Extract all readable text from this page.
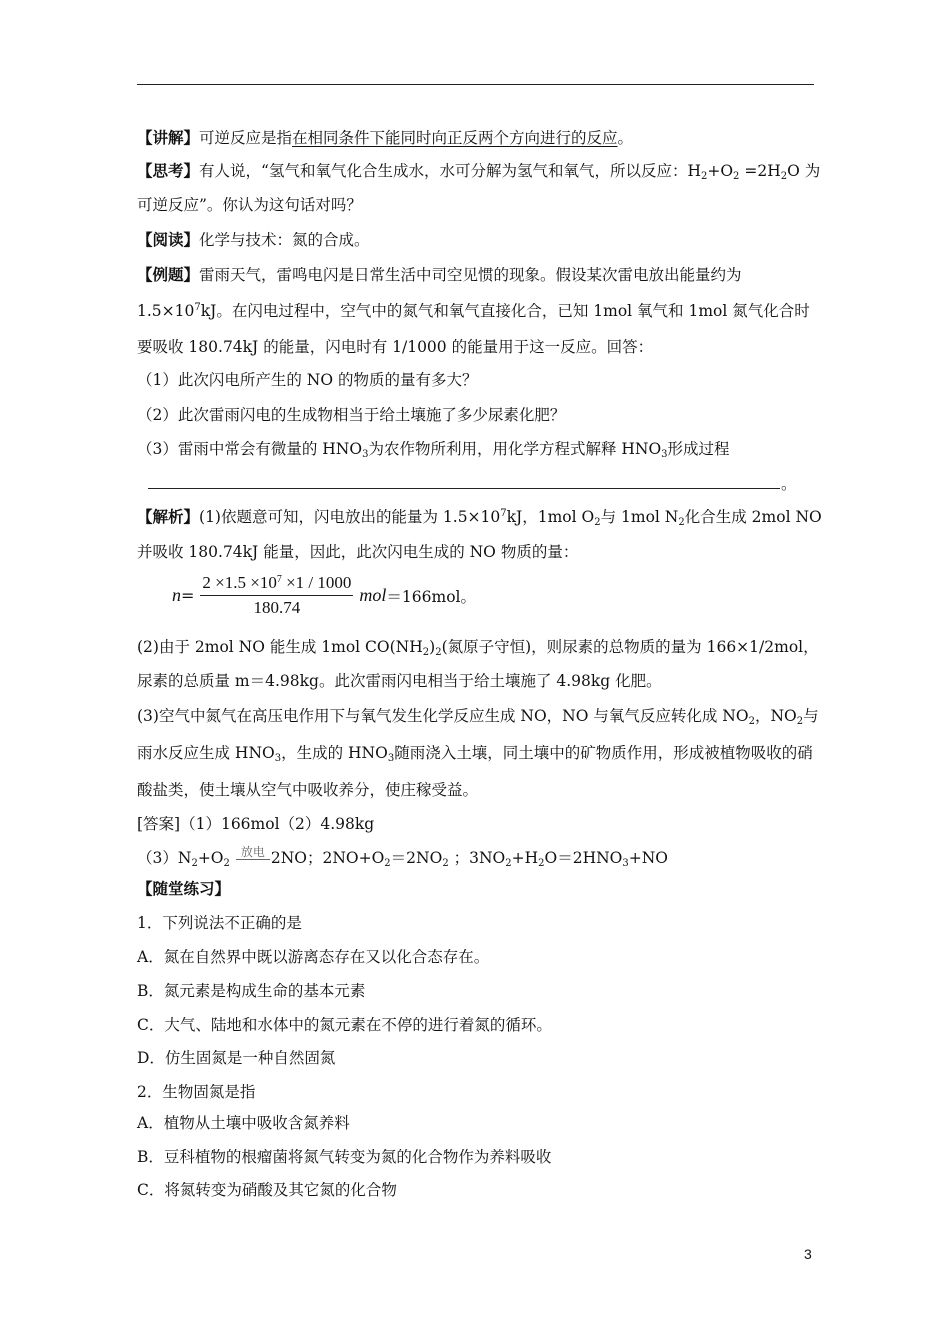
【讲解】可逆反应是指在相同条件下能同时向正反两个方向进行的反应。
【思考】有人说，“氢气和氧气化合生成水，水可分解为氢气和氧气，所以反应：$H_2+O_2 =2H_2O$ 为
可逆反应”。你认为这句话对吗？
【阅读】化学与技术：氮的合成。
【例题】雷雨天气，雷鸣电闪是日常生活中司空见惯的现象。假设某次雷电放出能量约为
$1.5\times 10^7kJ$。在闪电过程中，空气中的氮气和氧气直接化合，已知 1mol 氧气和 1mol 氮气化合时
要吸收 180.74kJ 的能量，闪电时有 1/1000 的能量用于这一反应。回答：
（1）此次闪电所产生的 NO 的物质的量有多大？
（2）此次雷雨闪电的生成物相当于给土壤施了多少尿素化肥？
（3）雷雨中常会有微量的 $HNO_3$为农作物所利用，用化学方程式解释 $HNO_3$形成过程
。
【解析】(1)依题意可知，闪电放出的能量为 $1.5\times 10^7kJ$，1mol $O_2$与 1mol $N_2$化合生成 2mol NO
并吸收 180.74kJ 能量，因此，此次闪电生成的 NO 物质的量：
$n = \frac{2 \times 1.5 \times 10^7 \times 1 / 1000}{180.74}$ mol ＝166mol。
(2)由于 2mol NO 能生成 1mol $CO(NH_2)_2$(氮原子守恒)，则尿素的总物质的量为 166×1/2mol，
尿素的总质量 m＝4.98kg。此次雷雨闪电相当于给土壤施了 4.98kg 化肥。
(3)空气中氮气在高压电作用下与氧气发生化学反应生成 NO，NO 与氧气反应转化成 $NO_2$，$NO_2$与
雨水反应生成 $HNO_3$，生成的 $HNO_3$随雨浇入土壤，同土壤中的矿物质作用，形成被植物吸收的硝
酸盐类，使土壤从空气中吸收养分，使庄稼受益。
[答案]（1）166mol（2）4.98kg
$(3)N_2+O_2$
放电 2NO；$2NO+O_2=2NO_2$ ；$3NO_2+H_2O=2HNO_3+NO$
【随堂练习】
1．下列说法不正确的是
A．氮在自然界中既以游离态存在又以化合态存在。
B．氮元素是构成生命的基本元素
C．大气、陆地和水体中的氮元素在不停的进行着氮的循环。
D．仿生固氮是一种自然固氮
2．生物固氮是指
A．植物从土壤中吸收含氮养料
B．豆科植物的根瘤菌将氮气转变为氮的化合物作为养料吸收
C．将氮转变为硝酸及其它氮的化合物
3
